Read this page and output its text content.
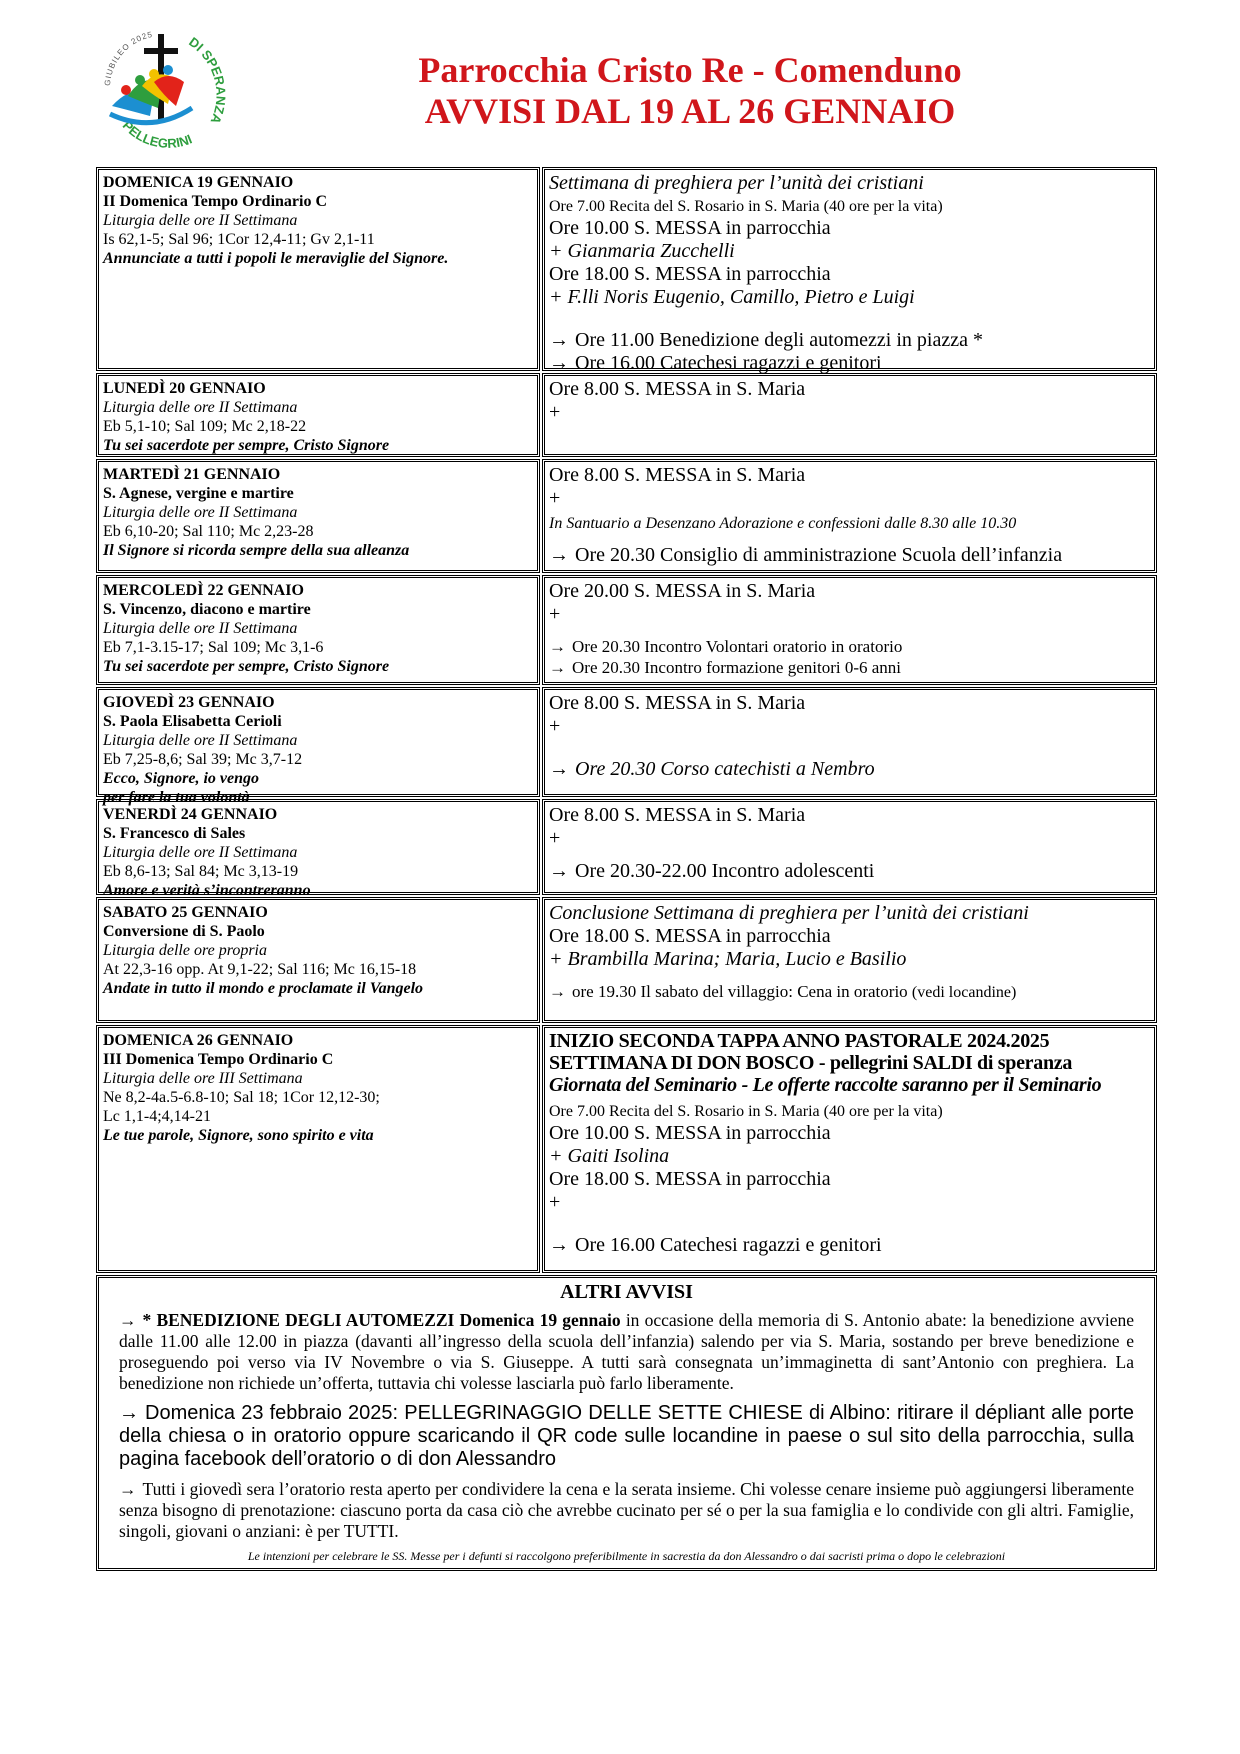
GIUBILEO 2025 DI SPERANZA
PELLEGRINI
Parrocchia Cristo Re - Comenduno
AVVISI DAL 19 AL 26 GENNAIO
DOMENICA 19 GENNAIO
II Domenica Tempo Ordinario C
Liturgia delle ore II Settimana
Is 62,1-5; Sal 96; 1Cor 12,4-11; Gv 2,1-11
Annunciate a tutti i popoli le meraviglie del Signore.
Settimana di preghiera per l’unità dei cristiani
Ore 7.00 Recita del S. Rosario in S. Maria (40 ore per la vita)
Ore 10.00 S. MESSA in parrocchia
+ Gianmaria Zucchelli
Ore 18.00 S. MESSA in parrocchia
+ F.lli Noris Eugenio, Camillo, Pietro e Luigi
→ Ore 11.00 Benedizione degli automezzi in piazza *
→ Ore 16.00 Catechesi ragazzi e genitori
LUNEDÌ 20 GENNAIO
Liturgia delle ore II Settimana
Eb 5,1-10; Sal 109; Mc 2,18-22
Tu sei sacerdote per sempre, Cristo Signore
Ore 8.00 S. MESSA in S. Maria
+
MARTEDÌ 21 GENNAIO
S. Agnese, vergine e martire
Liturgia delle ore II Settimana
Eb 6,10-20; Sal 110; Mc 2,23-28
Il Signore si ricorda sempre della sua alleanza
Ore 8.00 S. MESSA in S. Maria
+
In Santuario a Desenzano Adorazione e confessioni dalle 8.30 alle 10.30
→ Ore 20.30 Consiglio di amministrazione Scuola dell’infanzia
MERCOLEDÌ 22 GENNAIO
S. Vincenzo, diacono e martire
Liturgia delle ore II Settimana
Eb 7,1-3.15-17; Sal 109; Mc 3,1-6
Tu sei sacerdote per sempre, Cristo Signore
Ore 20.00 S. MESSA in S. Maria
+
→ Ore 20.30 Incontro Volontari oratorio in oratorio
→ Ore 20.30 Incontro formazione genitori 0-6 anni
GIOVEDÌ 23 GENNAIO
S. Paola Elisabetta Cerioli
Liturgia delle ore II Settimana
Eb 7,25-8,6; Sal 39; Mc 3,7-12
Ecco, Signore, io vengo
per fare la tua volontà
Ore 8.00 S. MESSA in S. Maria
+
→ Ore 20.30 Corso catechisti a Nembro
VENERDÌ 24 GENNAIO
S. Francesco di Sales
Liturgia delle ore II Settimana
Eb 8,6-13; Sal 84; Mc 3,13-19
Amore e verità s’incontreranno
Ore 8.00 S. MESSA in S. Maria
+
→ Ore 20.30-22.00 Incontro adolescenti
SABATO 25 GENNAIO
Conversione di S. Paolo
Liturgia delle ore propria
At 22,3-16 opp. At 9,1-22; Sal 116; Mc 16,15-18
Andate in tutto il mondo e proclamate il Vangelo
Conclusione Settimana di preghiera per l’unità dei cristiani
Ore 18.00 S. MESSA in parrocchia
+ Brambilla Marina; Maria, Lucio e Basilio
→ ore 19.30 Il sabato del villaggio: Cena in oratorio (vedi locandine)
DOMENICA 26 GENNAIO
III Domenica Tempo Ordinario C
Liturgia delle ore III Settimana
Ne 8,2-4a.5-6.8-10; Sal 18; 1Cor 12,12-30;
Lc 1,1-4;4,14-21
Le tue parole, Signore, sono spirito e vita
INIZIO SECONDA TAPPA ANNO PASTORALE 2024.2025
SETTIMANA DI DON BOSCO - pellegrini SALDI di speranza
Giornata del Seminario - Le offerte raccolte saranno per il Seminario
Ore 7.00 Recita del S. Rosario in S. Maria (40 ore per la vita)
Ore 10.00 S. MESSA in parrocchia
+ Gaiti Isolina
Ore 18.00 S. MESSA in parrocchia
+
→ Ore 16.00 Catechesi ragazzi e genitori
ALTRI AVVISI
→ * BENEDIZIONE DEGLI AUTOMEZZI Domenica 19 gennaio in occasione della memoria di S. Antonio abate: la benedizione avviene dalle 11.00 alle 12.00 in piazza (davanti all’ingresso della scuola dell’infanzia) salendo per via S. Maria, sostando per breve benedizione e proseguendo poi verso via IV Novembre o via S. Giuseppe. A tutti sarà consegnata un’immaginetta di sant’Antonio con preghiera. La benedizione non richiede un’offerta, tuttavia chi volesse lasciarla può farlo liberamente.
→ Domenica 23 febbraio 2025: PELLEGRINAGGIO DELLE SETTE CHIESE di Albino: ritirare il dépliant alle porte della chiesa o in oratorio oppure scaricando il QR code sulle locandine in paese o sul sito della parrocchia, sulla pagina facebook dell’oratorio o di don Alessandro
→ Tutti i giovedì sera l’oratorio resta aperto per condividere la cena e la serata insieme. Chi volesse cenare insieme può aggiungersi liberamente senza bisogno di prenotazione: ciascuno porta da casa ciò che avrebbe cucinato per sé o per la sua famiglia e lo condivide con gli altri. Famiglie, singoli, giovani o anziani: è per TUTTI.
Le intenzioni per celebrare le SS. Messe per i defunti si raccolgono preferibilmente in sacrestia da don Alessandro o dai sacristi prima o dopo le celebrazioni
